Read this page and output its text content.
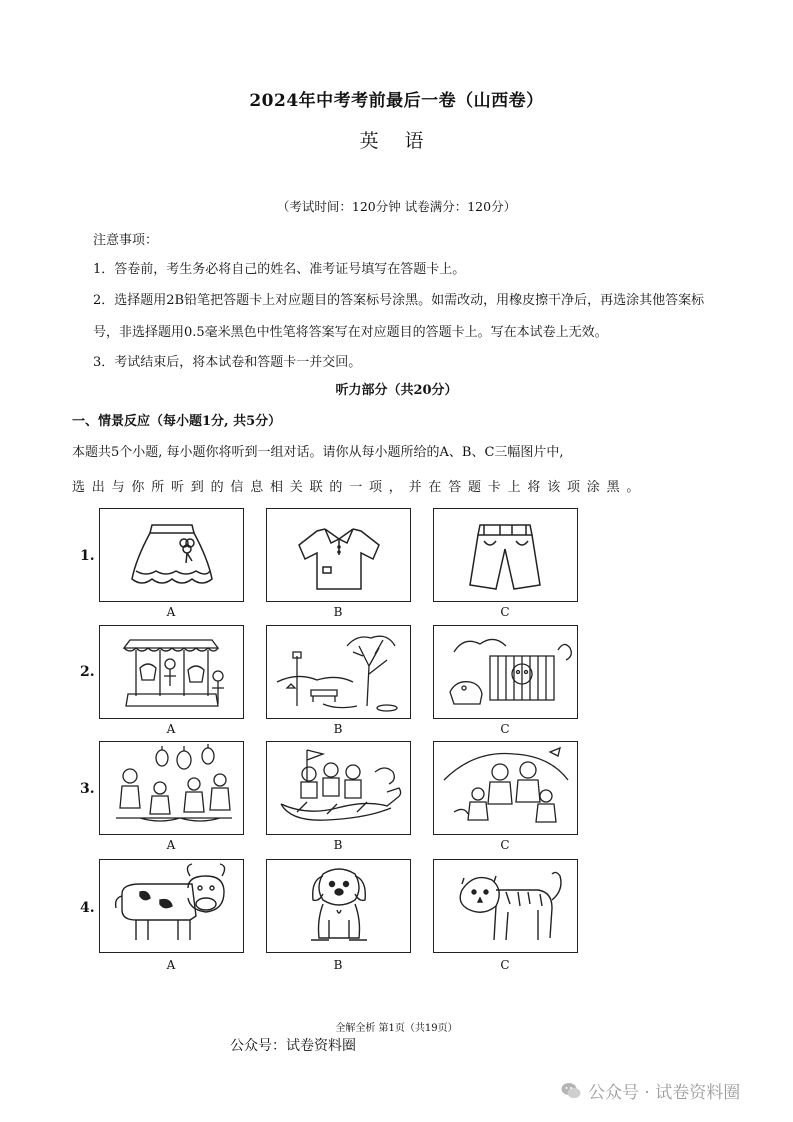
2024年中考考前最后一卷（山西卷）
英 语
（考试时间：120分钟 试卷满分：120分）
注意事项：
1．答卷前，考生务必将自己的姓名、准考证号填写在答题卡上。
2．选择题用2B铅笔把答题卡上对应题目的答案标号涂黑。如需改动，用橡皮擦干净后，再选涂其他答案标号，非选择题用0.5毫米黑色中性笔将答案写在对应题目的答题卡上。写在本试卷上无效。
3．考试结束后，将本试卷和答题卡一并交回。
听力部分（共20分）
一、情景反应（每小题1分, 共5分）
本题共5个小题, 每小题你将听到一组对话。请你从每小题所给的A、B、C三幅图片中,
选出与你所听到的信息相关联的一项，并在答题卡上将该项涂黑。
1.
A	B	C
2.
A	B	C
3.
A	B	C
4.
A	B	C
全解全析 第1页（共19页）
公众号：试卷资料圈
公众号 · 试卷资料圈
